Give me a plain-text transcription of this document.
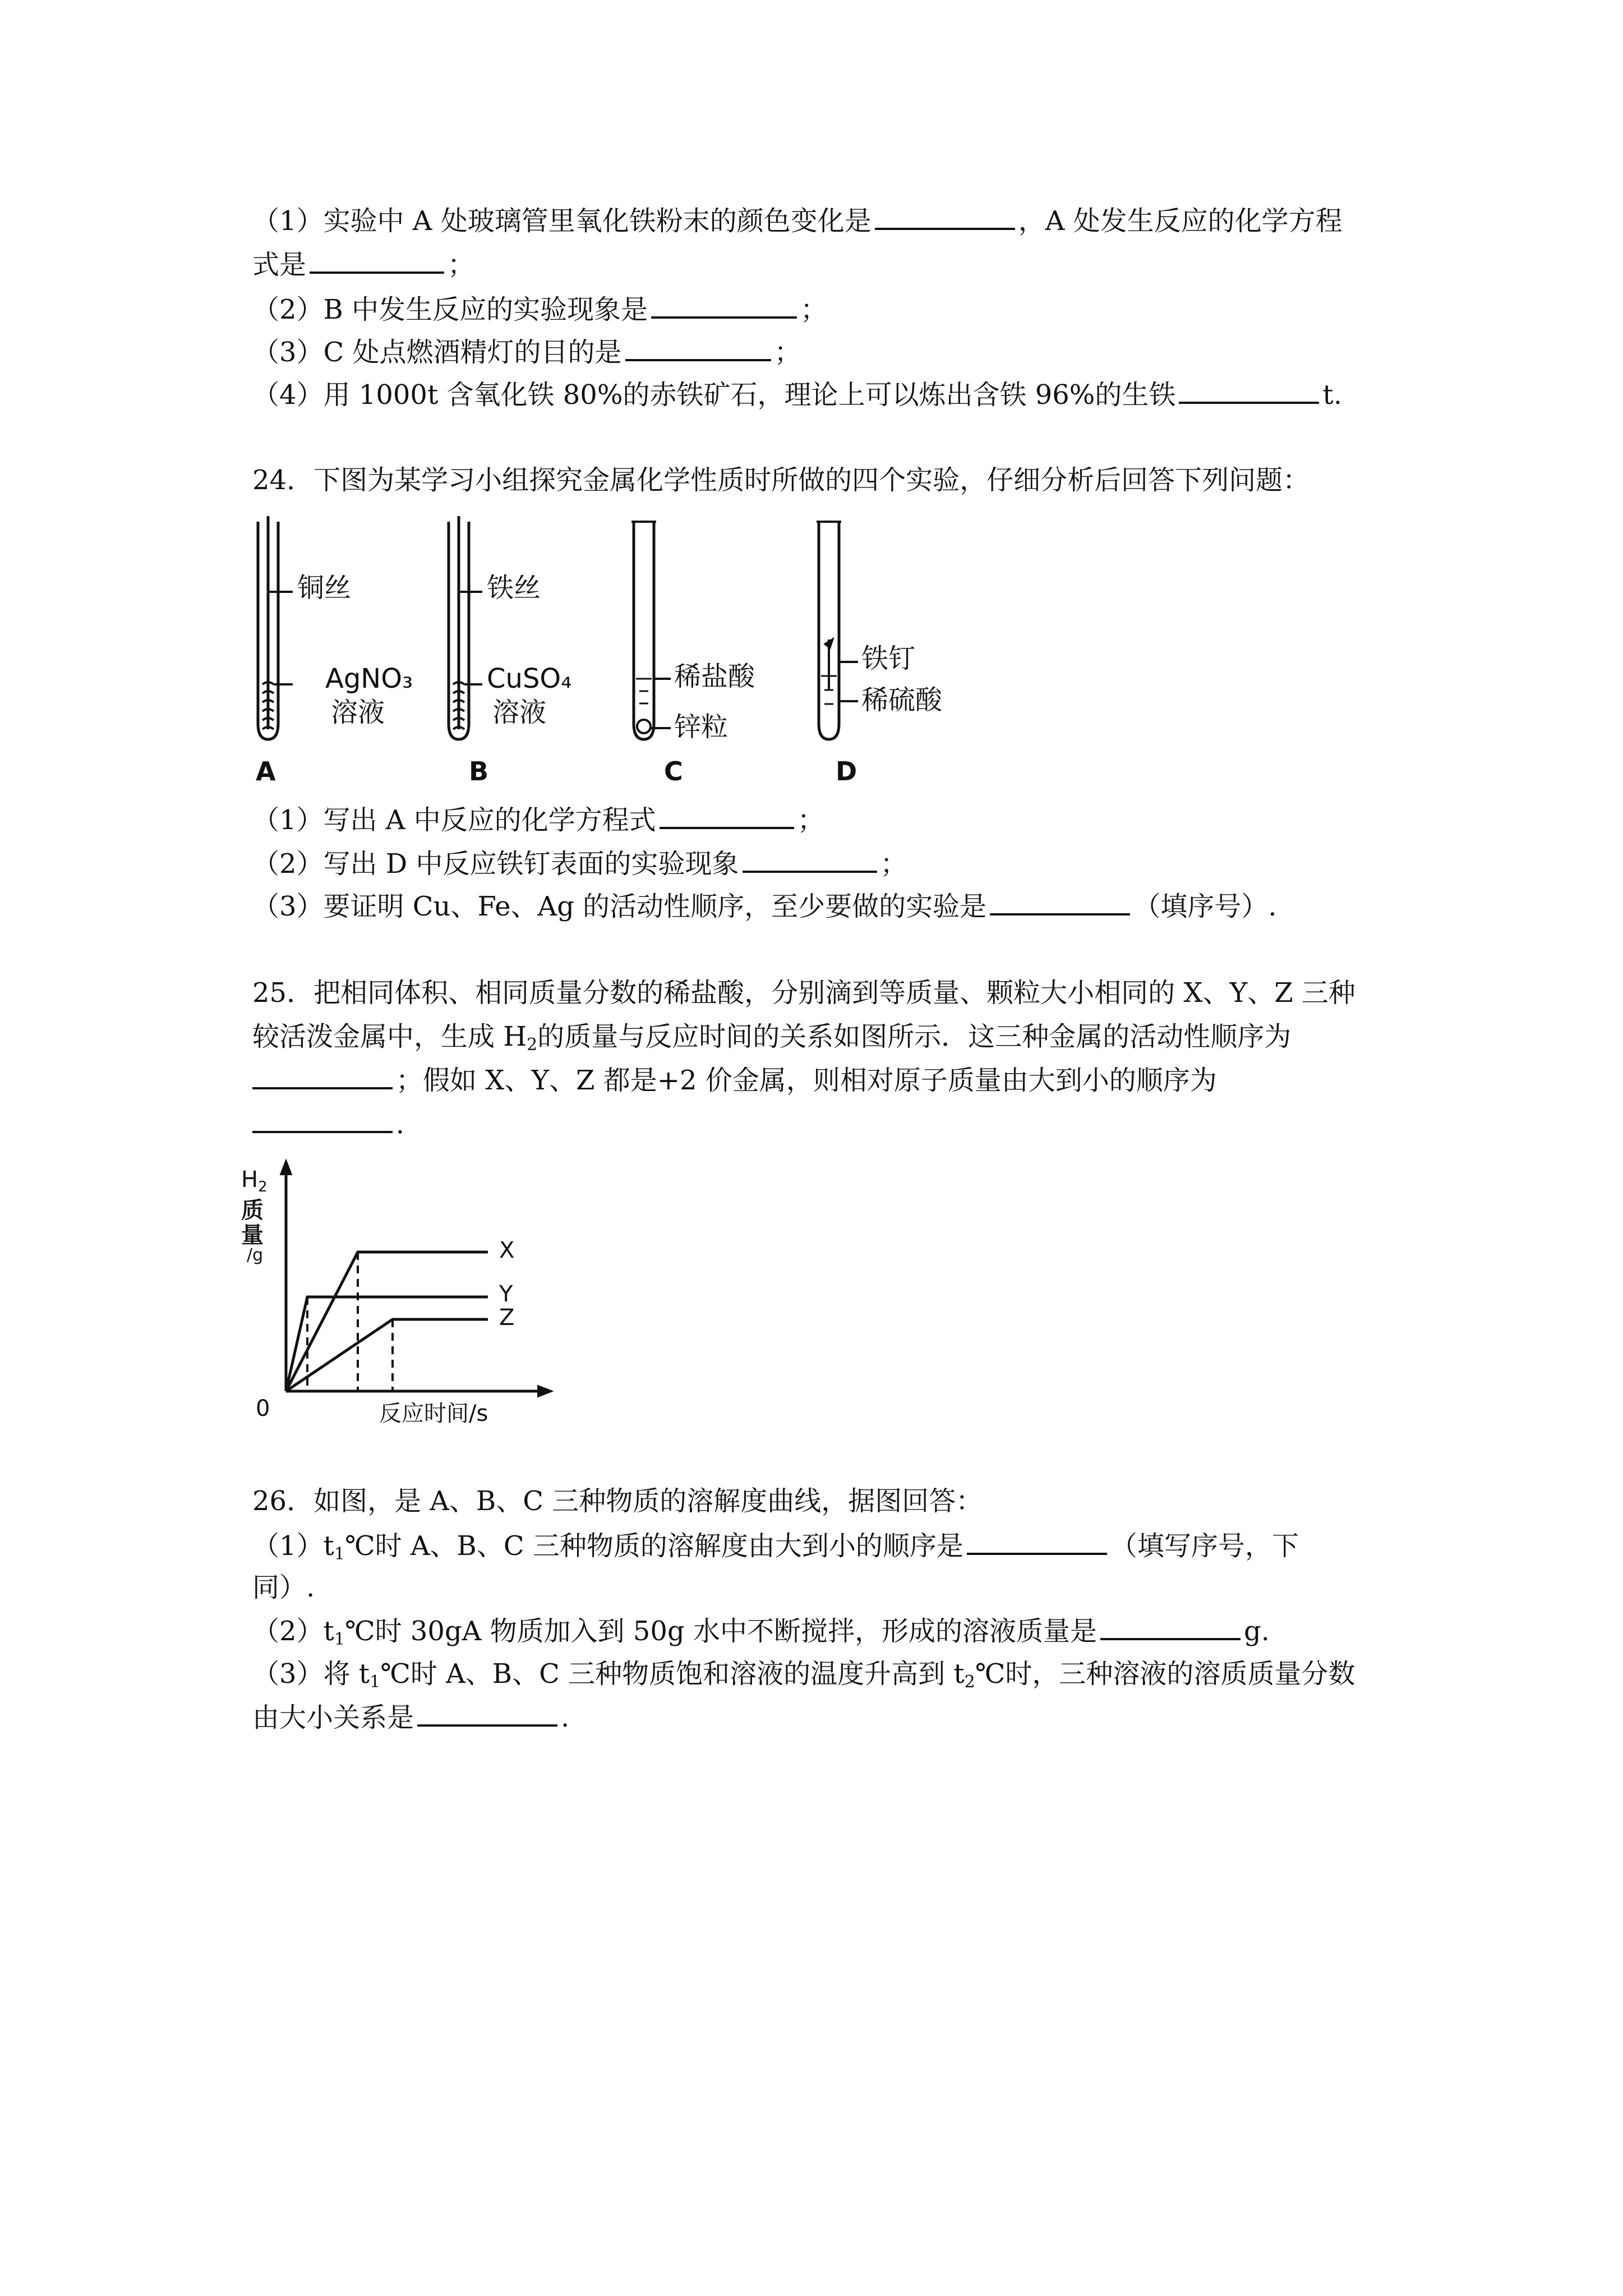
（1）实验中 A 处玻璃管里氧化铁粉末的颜色变化是	，A 处发生反应的化学方程
式是	；
（2）B 中发生反应的实验现象是	；
（3）C 处点燃酒精灯的目的是	；
（4）用 1000t 含氧化铁 80%的赤铁矿石，理论上可以炼出含铁 96%的生铁	t.
24．下图为某学习小组探究金属化学性质时所做的四个实验，仔细分析后回答下列问题：
铜丝
AgNO₃
溶液
铁丝
CuSO₄
溶液
稀盐酸
锌粒
铁钉
稀硫酸
A	B	C	D
（1）写出 A 中反应的化学方程式	；
（2）写出 D 中反应铁钉表面的实验现象	；
（3）要证明 Cu、Fe、Ag 的活动性顺序，至少要做的实验是	（填序号）.
25．把相同体积、相同质量分数的稀盐酸，分别滴到等质量、颗粒大小相同的 X、Y、Z 三种
较活泼金属中，生成 $H_2$的质量与反应时间的关系如图所示．这三种金属的活动性顺序为
；假如 X、Y、Z 都是+2 价金属，则相对原子质量由大到小的顺序为
．
$H_2$
质
量
/g
0	反应时间/s
X
Y
Z
26．如图，是 A、B、C 三种物质的溶解度曲线，据图回答：
$(1)t_1℃$时 A、B、C 三种物质的溶解度由大到小的顺序是	（填写序号，下
同）.
$(2)t_1℃$时 30gA 物质加入到 50g 水中不断搅拌，形成的溶液质量是	g.
（3）将 $t_1℃$时 A、B、C 三种物质饱和溶液的温度升高到 $t_2℃$时，三种溶液的溶质质量分数
由大小关系是	.
